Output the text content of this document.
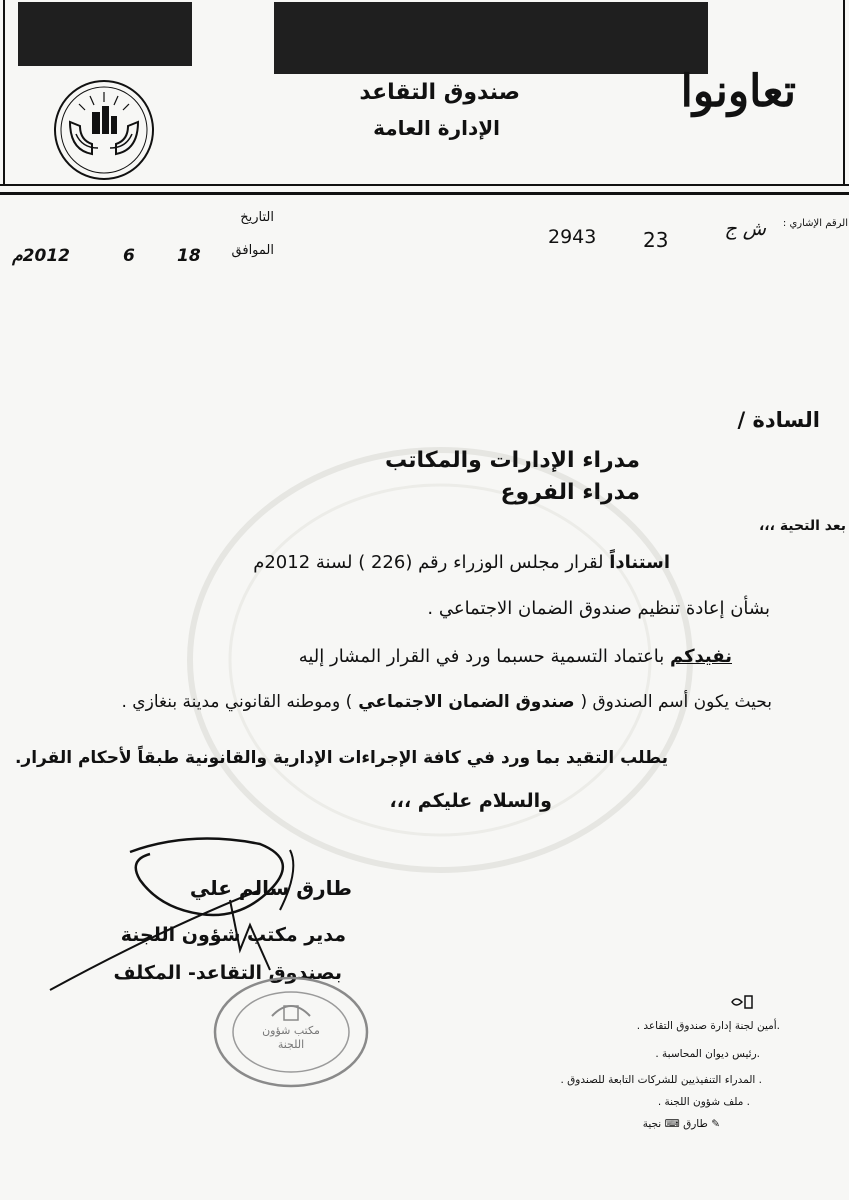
صندوق التقاعد
الإدارة العامة
تعاونوا
الرقم الإشاري :
ش ج
23
2943
التاريخ
الموافق
18
6
2012م
السادة /
مدراء الإدارات والمكاتب
مدراء الفروع
بعد التحية ،،،
استناداً لقرار مجلس الوزراء رقم (226 ) لسنة 2012م
بشأن إعادة تنظيم صندوق الضمان الاجتماعي .
نفيدكم باعتماد التسمية حسبما ورد في القرار المشار إليه
بحيث يكون أسم الصندوق ( صندوق الضمان الاجتماعي ) وموطنه القانوني مدينة بنغازي .
يطلب التقيد بما ورد في كافة الإجراءات الإدارية والقانونية طبقاً لأحكام القرار.
والسلام عليكم ،،،
طارق سالم علي
مدير مكتب شؤون اللجنة
بصندوق التقاعد- المكلف
مكتب شؤون اللجنة
.أمين لجنة إدارة صندوق التقاعد .
.رئيس ديوان المحاسبة .
. المدراء التنفيذيين للشركات التابعة للصندوق .
. ملف شؤون اللجنة .
✎ طارق ⌨ نجية
